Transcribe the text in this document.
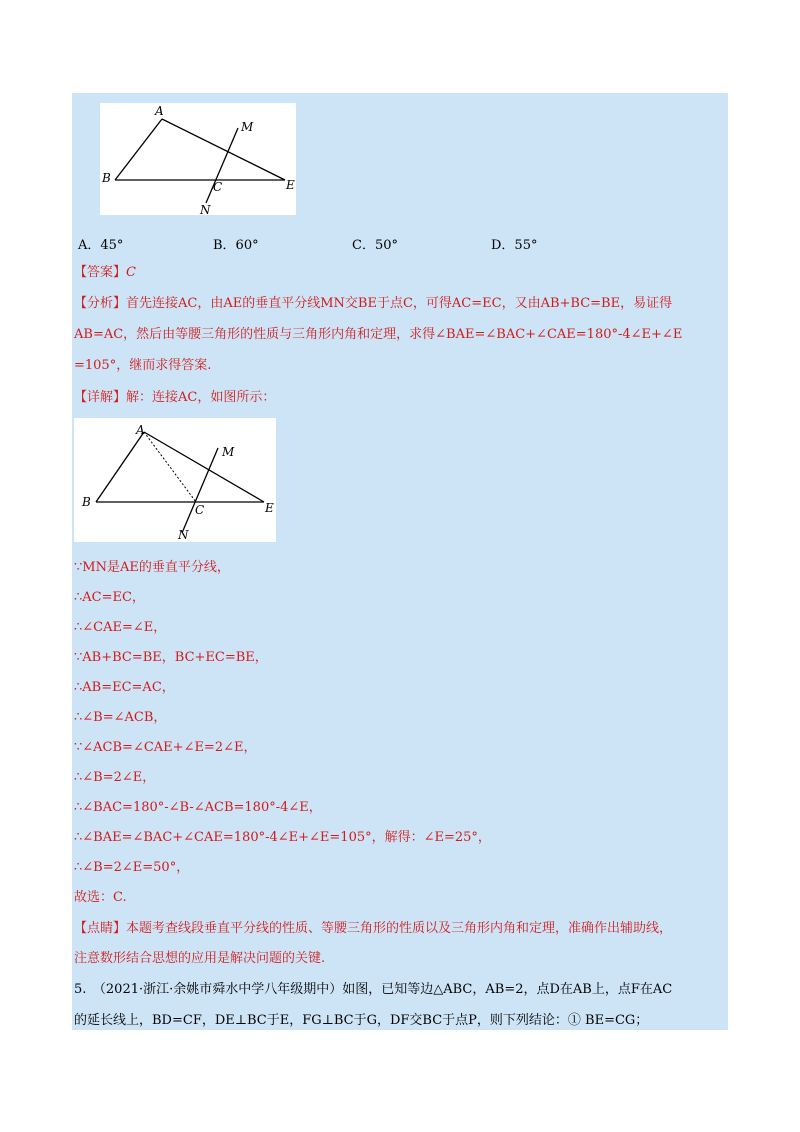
A
B
C	E
M
N
A．45°	B．60°	C．50°	D．55°
【答案】C
【分析】首先连接AC，由AE的垂直平分线MN交BE于点C，可得AC=EC，又由AB+BC=BE，易证得
AB=AC，然后由等腰三角形的性质与三角形内角和定理，求得∠BAE=∠BAC+∠CAE=180°-4∠E+∠E
=105°，继而求得答案.
【详解】解：连接AC，如图所示：
A
B
C	E
M
N
∵MN是AE的垂直平分线，
∴AC=EC，
∴∠CAE=∠E，
∵AB+BC=BE，BC+EC=BE，
∴AB=EC=AC，
∴∠B=∠ACB，
∵∠ACB=∠CAE+∠E=2∠E，
∴∠B=2∠E，
∴∠BAC=180°-∠B-∠ACB=180°-4∠E，
∴∠BAE=∠BAC+∠CAE=180°-4∠E+∠E=105°，解得：∠E=25°，
∴∠B=2∠E=50°，
故选：C.
【点睛】本题考查线段垂直平分线的性质、等腰三角形的性质以及三角形内角和定理，准确作出辅助线，
注意数形结合思想的应用是解决问题的关键.
5.　（2021·浙江·余姚市舜水中学八年级期中）如图，已知等边△ABC，AB=2，点D在AB上，点F在AC
的延长线上，BD=CF，DE⊥BC于E，FG⊥BC于G，DF交BC于点P，则下列结论：① BE=CG；
